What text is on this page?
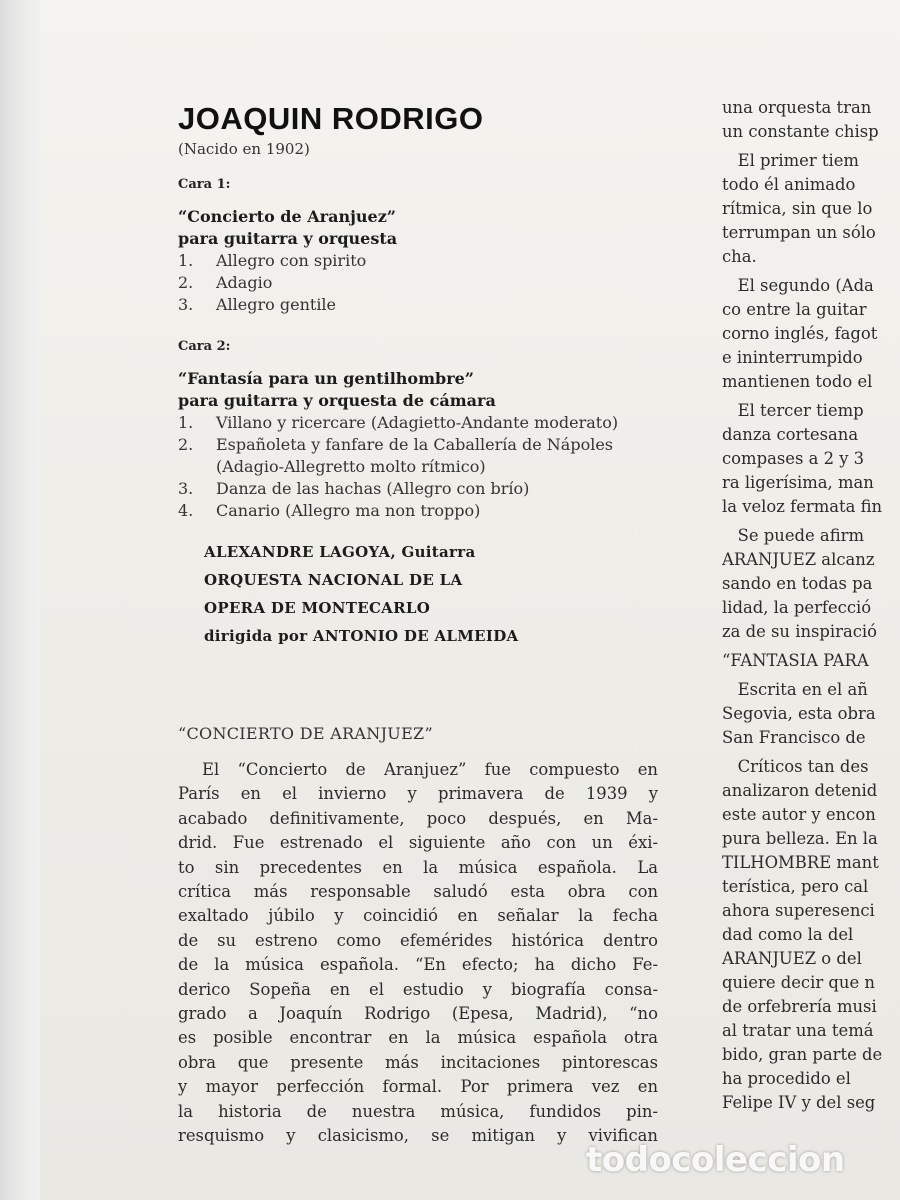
JOAQUIN RODRIGO
(Nacido en 1902)
Cara 1:
“Concierto de Aranjuez”
para guitarra y orquesta
1.	Allegro con spirito
2.	Adagio
3.	Allegro gentile
Cara 2:
“Fantasía para un gentilhombre”
para guitarra y orquesta de cámara
1.	Villano y ricercare (Adagietto-Andante moderato)
2.	Españoleta y fanfare de la Caballería de Nápoles
(Adagio-Allegretto molto rítmico)
3.	Danza de las hachas (Allegro con brío)
4.	Canario (Allegro ma non troppo)
ALEXANDRE LAGOYA, Guitarra
ORQUESTA NACIONAL DE LA
OPERA DE MONTECARLO
dirigida por ANTONIO DE ALMEIDA
“CONCIERTO DE ARANJUEZ”
El “Concierto de Aranjuez” fue compuesto en
París en el invierno y primavera de 1939 y
acabado definitivamente, poco después, en Ma-
drid. Fue estrenado el siguiente año con un éxi-
to sin precedentes en la música española. La
crítica más responsable saludó esta obra con
exaltado júbilo y coincidió en señalar la fecha
de su estreno como efemérides histórica dentro
de la música española. “En efecto; ha dicho Fe-
derico Sopeña en el estudio y biografía consa-
grado a Joaquín Rodrigo (Epesa, Madrid), “no
es posible encontrar en la música española otra
obra que presente más incitaciones pintorescas
y mayor perfección formal. Por primera vez en
la historia de nuestra música, fundidos pin-
resquismo y clasicismo, se mitigan y vivifican
una orquesta tran
un constante chisp
El primer tiem
todo él animado
rítmica, sin que lo
terrumpan un sólo
cha.
El segundo (Ada
co entre la guitar
corno inglés, fagot
e ininterrumpido
mantienen todo el
El tercer tiemp
danza cortesana
compases a 2 y 3
ra ligerísima, man
la veloz fermata fin
Se puede afirm
ARANJUEZ alcanz
sando en todas pa
lidad, la perfecció
za de su inspiració
“FANTASIA PARA
Escrita en el añ
Segovia, esta obra
San Francisco de
Críticos tan des
analizaron detenid
este autor y encon
pura belleza. En la
TILHOMBRE mant
terística, pero cal
ahora superesenci
dad como la del
ARANJUEZ o del
quiere decir que n
de orfebrería musi
al tratar una temá
bido, gran parte de
ha procedido el
Felipe IV y del seg
todocoleccion
